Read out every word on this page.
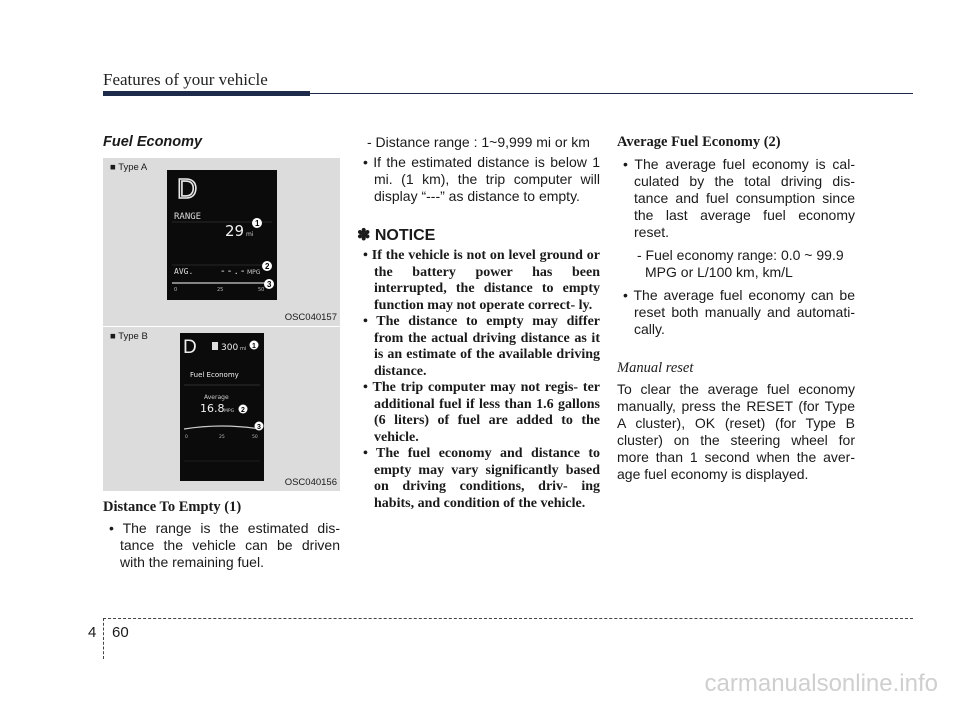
Features of your vehicle
Fuel Economy
■ Type A
D
RANGE
29 mi
1
AVG.	- - . - MPG
2
0	25	50
3
OSC040157
■ Type B
D	300 mi 1
Fuel Economy
Average
16.8 MPG 2
0	25	50
3
OSC040156

Distance To Empty (1)

• The range is the estimated dis- tance the vehicle can be driven with the remaining fuel.

- Distance range : 1~9,999 mi or km

• If the estimated distance is below 1 mi. (1 km), the trip computer will display “---” as distance to empty.

✽ NOTICE

• If the vehicle is not on level ground or the battery power has been interrupted, the distance to empty function may not operate correct- ly.

• The distance to empty may differ from the actual driving distance as it is an estimate of the available driving distance.

• The trip computer may not regis- ter additional fuel if less than 1.6 gallons (6 liters) of fuel are added to the vehicle.

• The fuel economy and distance to empty may vary significantly based on driving conditions, driv- ing habits, and condition of the vehicle.

Average Fuel Economy (2)

• The average fuel economy is cal- culated by the total driving dis- tance and fuel consumption since the last average fuel economy reset.

- Fuel economy range: 0.0 ~ 99.9 MPG or L/100 km, km/L

• The average fuel economy can be reset both manually and automati- cally.

Manual reset

To clear the average fuel economy manually, press the RESET (for Type A cluster), OK (reset) (for Type B cluster) on the steering wheel for more than 1 second when the aver- age fuel economy is displayed.

4 60
carmanualsonline.info
